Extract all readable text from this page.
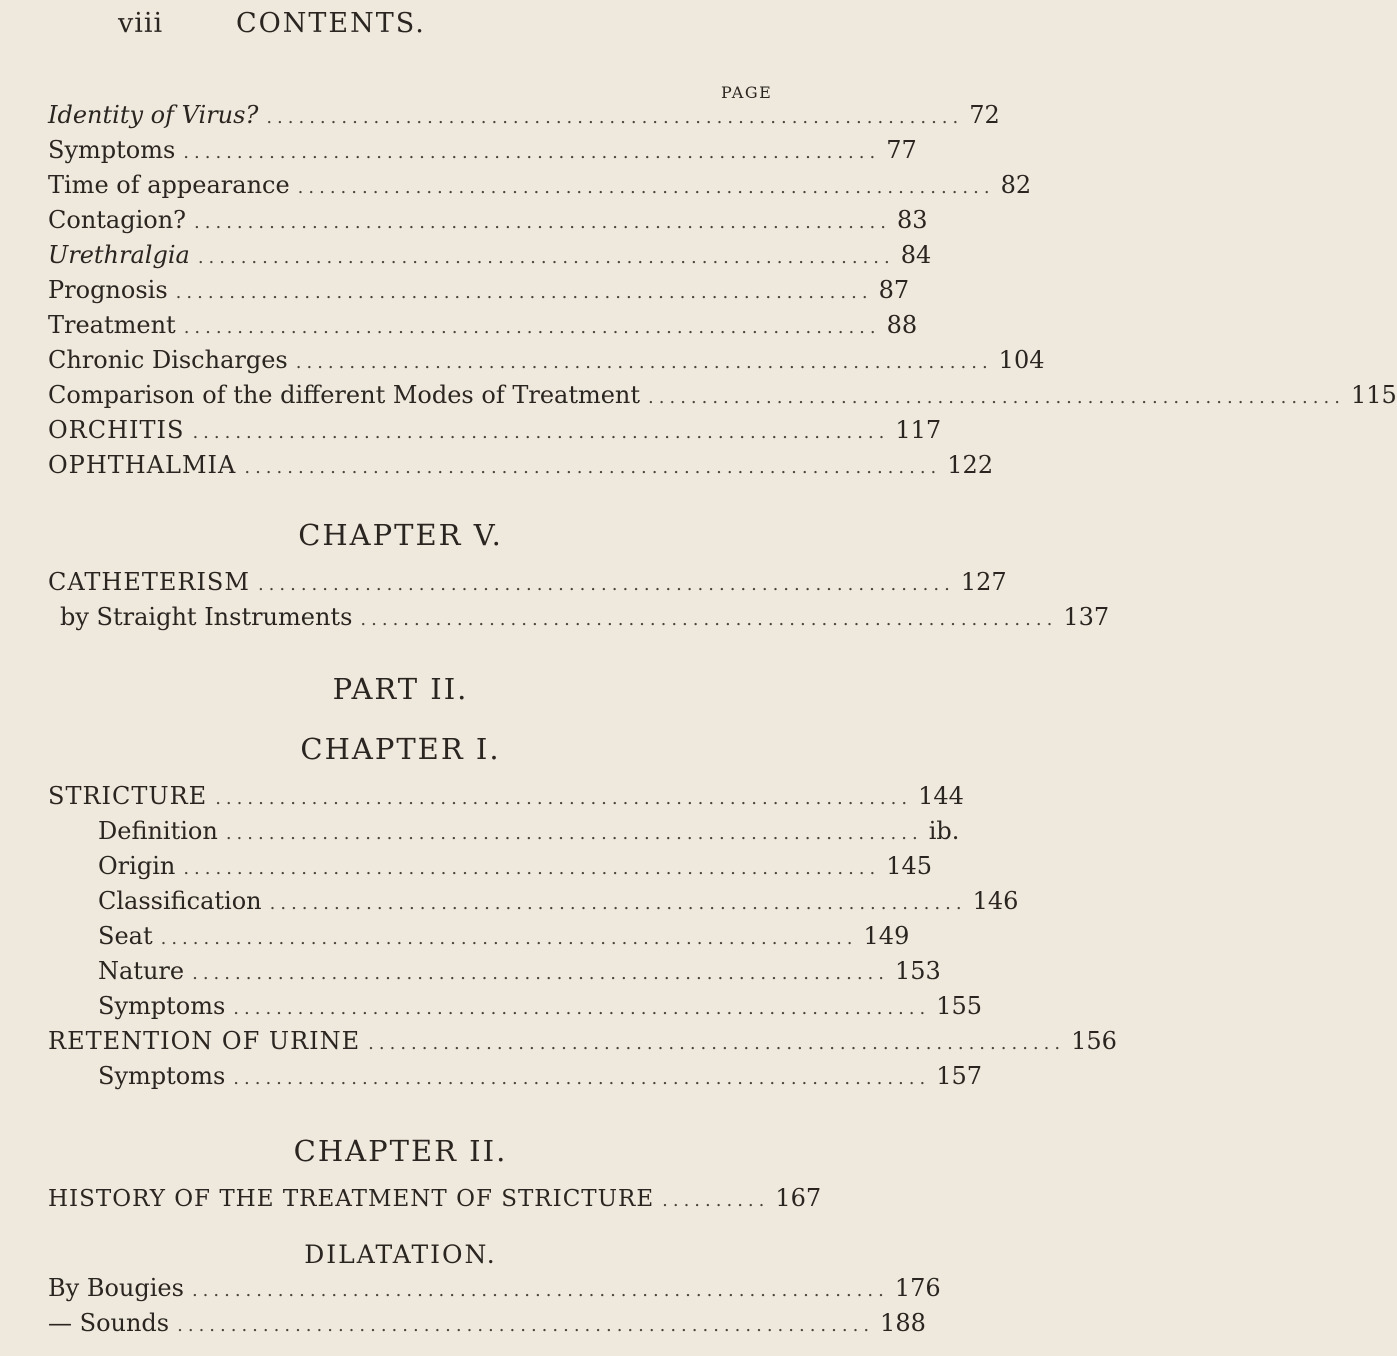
viii	CONTENTS.
PAGE
Identity of Virus? ................................................................. 72
Symptoms ................................................................. 77
Time of appearance ................................................................. 82
Contagion? ................................................................. 83
Urethralgia ................................................................. 84
Prognosis ................................................................. 87
Treatment ................................................................. 88
Chronic Discharges ................................................................. 104
Comparison of the different Modes of Treatment ................................................................. 115
ORCHITIS ................................................................. 117
OPHTHALMIA ................................................................. 122
CHAPTER V.
CATHETERISM ................................................................. 127
by Straight Instruments ................................................................. 137
PART II.
CHAPTER I.
STRICTURE ................................................................. 144
Definition ................................................................. ib.
Origin ................................................................. 145
Classification ................................................................. 146
Seat ................................................................. 149
Nature ................................................................. 153
Symptoms ................................................................. 155
RETENTION OF URINE ................................................................. 156
Symptoms ................................................................. 157
CHAPTER II.
HISTORY OF THE TREATMENT OF STRICTURE .......... 167
DILATATION.
By Bougies ................................................................. 176
— Sounds ................................................................. 188
